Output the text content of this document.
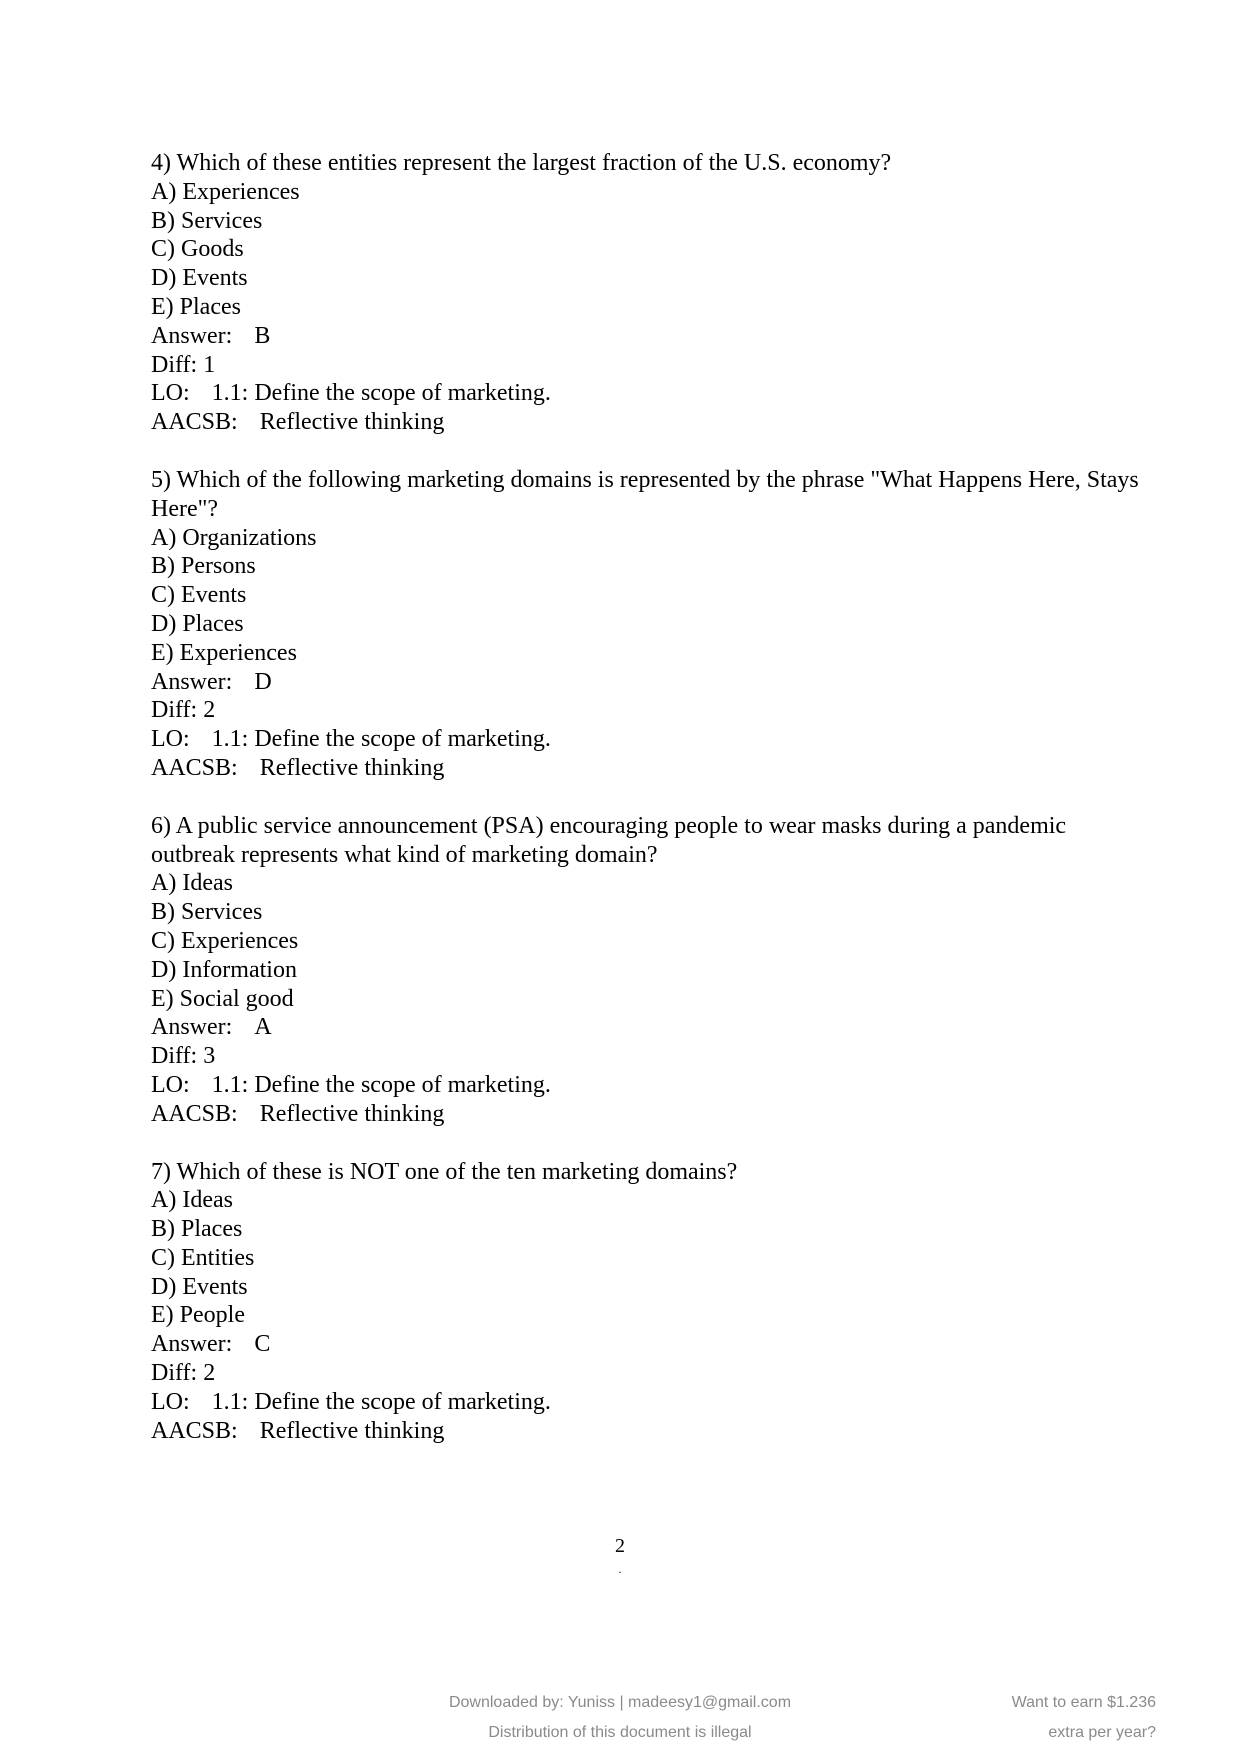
4) Which of these entities represent the largest fraction of the U.S. economy?
A) Experiences
B) Services
C) Goods
D) Events
E) Places
Answer: B
Diff: 1
LO: 1.1: Define the scope of marketing.
AACSB: Reflective thinking
5) Which of the following marketing domains is represented by the phrase "What Happens Here, Stays Here"?
A) Organizations
B) Persons
C) Events
D) Places
E) Experiences
Answer: D
Diff: 2
LO: 1.1: Define the scope of marketing.
AACSB: Reflective thinking
6) A public service announcement (PSA) encouraging people to wear masks during a pandemic outbreak represents what kind of marketing domain?
A) Ideas
B) Services
C) Experiences
D) Information
E) Social good
Answer: A
Diff: 3
LO: 1.1: Define the scope of marketing.
AACSB: Reflective thinking
7) Which of these is NOT one of the ten marketing domains?
A) Ideas
B) Places
C) Entities
D) Events
E) People
Answer: C
Diff: 2
LO: 1.1: Define the scope of marketing.
AACSB: Reflective thinking
2
.
Downloaded by: Yuniss | madeesy1@gmail.com
Distribution of this document is illegal
Want to earn $1.236
extra per year?
